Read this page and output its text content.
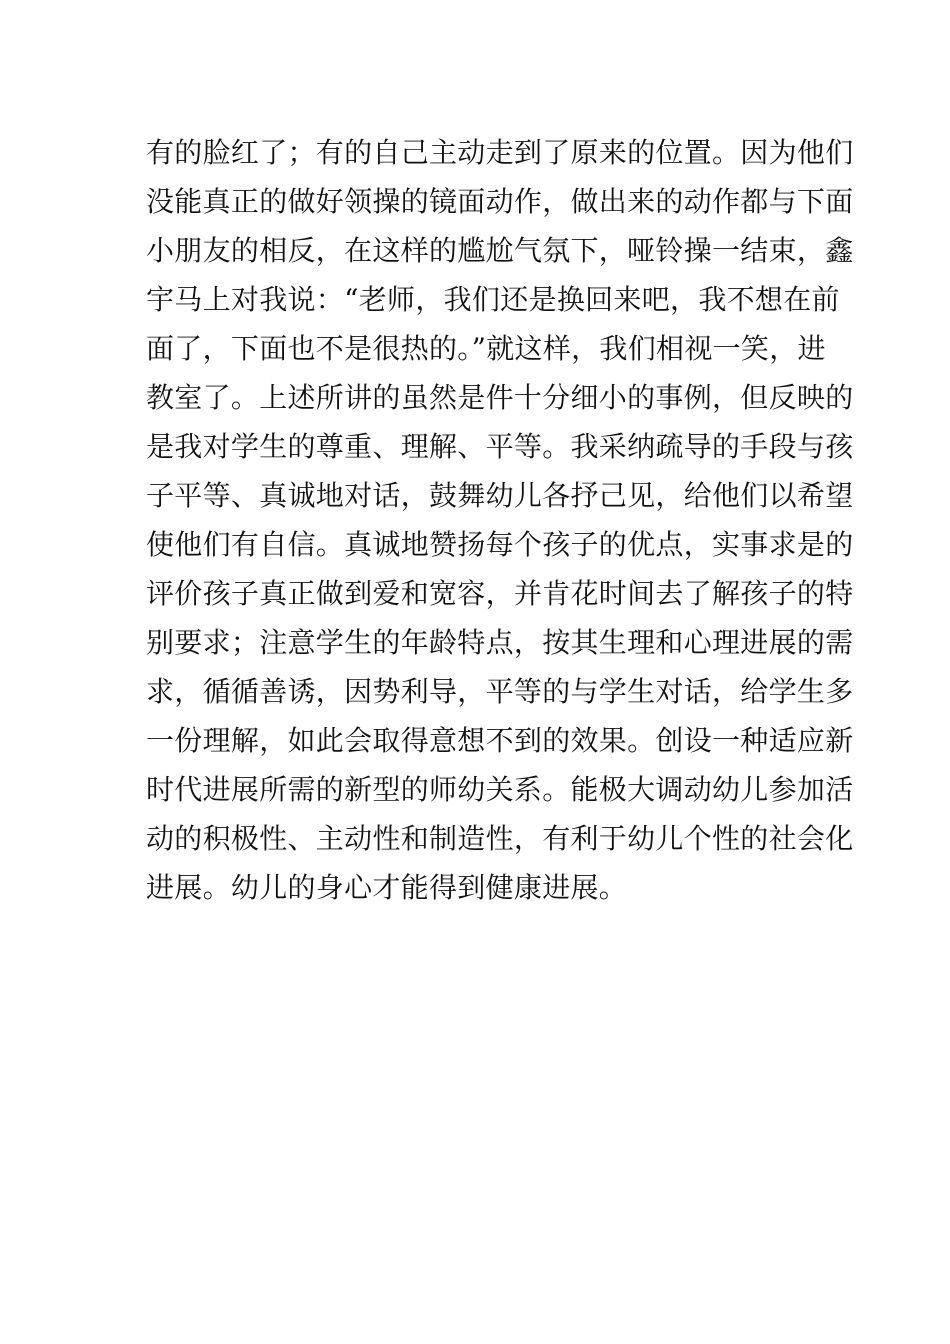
有的脸红了；有的自己主动走到了原来的位置。因为他们
没能真正的做好领操的镜面动作，做出来的动作都与下面
小朋友的相反，在这样的尴尬气氛下，哑铃操一结束，鑫
宇马上对我说：“老师，我们还是换回来吧，我不想在前
面了，下面也不是很热的。”就这样，我们相视一笑，进
教室了。上述所讲的虽然是件十分细小的事例，但反映的
是我对学生的尊重、理解、平等。我采纳疏导的手段与孩
子平等、真诚地对话，鼓舞幼儿各抒己见，给他们以希望
使他们有自信。真诚地赞扬每个孩子的优点，实事求是的
评价孩子真正做到爱和宽容，并肯花时间去了解孩子的特
别要求；注意学生的年龄特点，按其生理和心理进展的需
求，循循善诱，因势利导，平等的与学生对话，给学生多
一份理解，如此会取得意想不到的效果。创设一种适应新
时代进展所需的新型的师幼关系。能极大调动幼儿参加活
动的积极性、主动性和制造性，有利于幼儿个性的社会化
进展。幼儿的身心才能得到健康进展。
